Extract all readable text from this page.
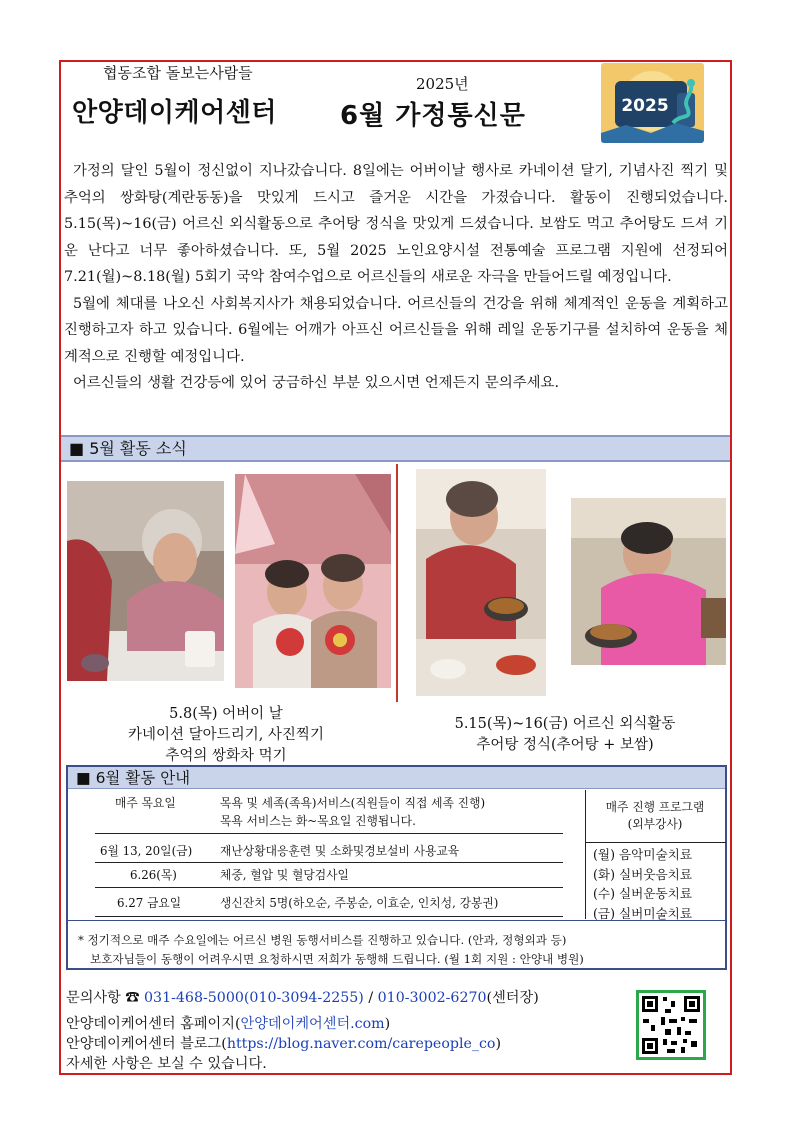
협동조합 돌보는사람들
2025년
안양데이케어센터 6월 가정통신문	2025

가정의 달인 5월이 정신없이 지나갔습니다. 8일에는 어버이날 행사로 카네이션 달기, 기념사진 찍기 및 추억의 쌍화탕(계란동동)을 맛있게 드시고 즐거운 시간을 가졌습니다. 활동이 진행되었습니다. 5.15(목)~16(금) 어르신 외식활동으로 추어탕 정식을 맛있게 드셨습니다. 보쌈도 먹고 추어탕도 드셔 기운 난다고 너무 좋아하셨습니다. 또, 5월 2025 노인요양시설 전통예술 프로그램 지원에 선정되어 7.21(월)~8.18(월) 5회기 국악 참여수업으로 어르신들의 새로운 자극을 만들어드릴 예정입니다.

5월에 체대를 나오신 사회복지사가 채용되었습니다. 어르신들의 건강을 위해 체계적인 운동을 계획하고 진행하고자 하고 있습니다. 6월에는 어깨가 아프신 어르신들을 위해 레일 운동기구를 설치하여 운동을 체계적으로 진행할 예정입니다.

어르신들의 생활 건강등에 있어 궁금하신 부분 있으시면 언제든지 문의주세요.

■ 5월 활동 소식
5.8(목) 어버이 날
카네이션 달아드리기, 사진찍기
추억의 쌍화차 먹기
5.15(목)~16(금) 어르신 외식활동
추어탕 정식(추어탕 + 보쌈)
■ 6월 활동 안내
매주 목요일	목욕 및 세족(족욕)서비스(직원들이 직접 세족 진행)
목욕 서비스는 화~목요일 진행됩니다.
6월 13, 20일(금) 재난상황대응훈련 및 소화및경보설비 사용교육
6.26(목)	체중, 혈압 및 혈당검사일
6.27 금요일	생신잔치 5명(하오순, 주봉순, 이효순, 인치성, 강봉권)
매주 진행 프로그램
(외부강사)
(월) 음악미술치료
(화) 실버웃음치료
(수) 실버운동치료
(금) 실버미술치료
* 정기적으로 매주 수요일에는 어르신 병원 동행서비스를 진행하고 있습니다. (안과, 정형외과 등)
보호자님들이 동행이 어려우시면 요청하시면 저희가 동행해 드립니다. (월 1회 지원 : 안양내 병원)
문의사항 ☎ 031-468-5000(010-3094-2255) / 010-3002-6270(센터장)
안양데이케어센터 홈페이지(안양데이케어센터.com)
안양데이케어센터 블로그(https://blog.naver.com/carepeople_co)
자세한 사항은 보실 수 있습니다.
